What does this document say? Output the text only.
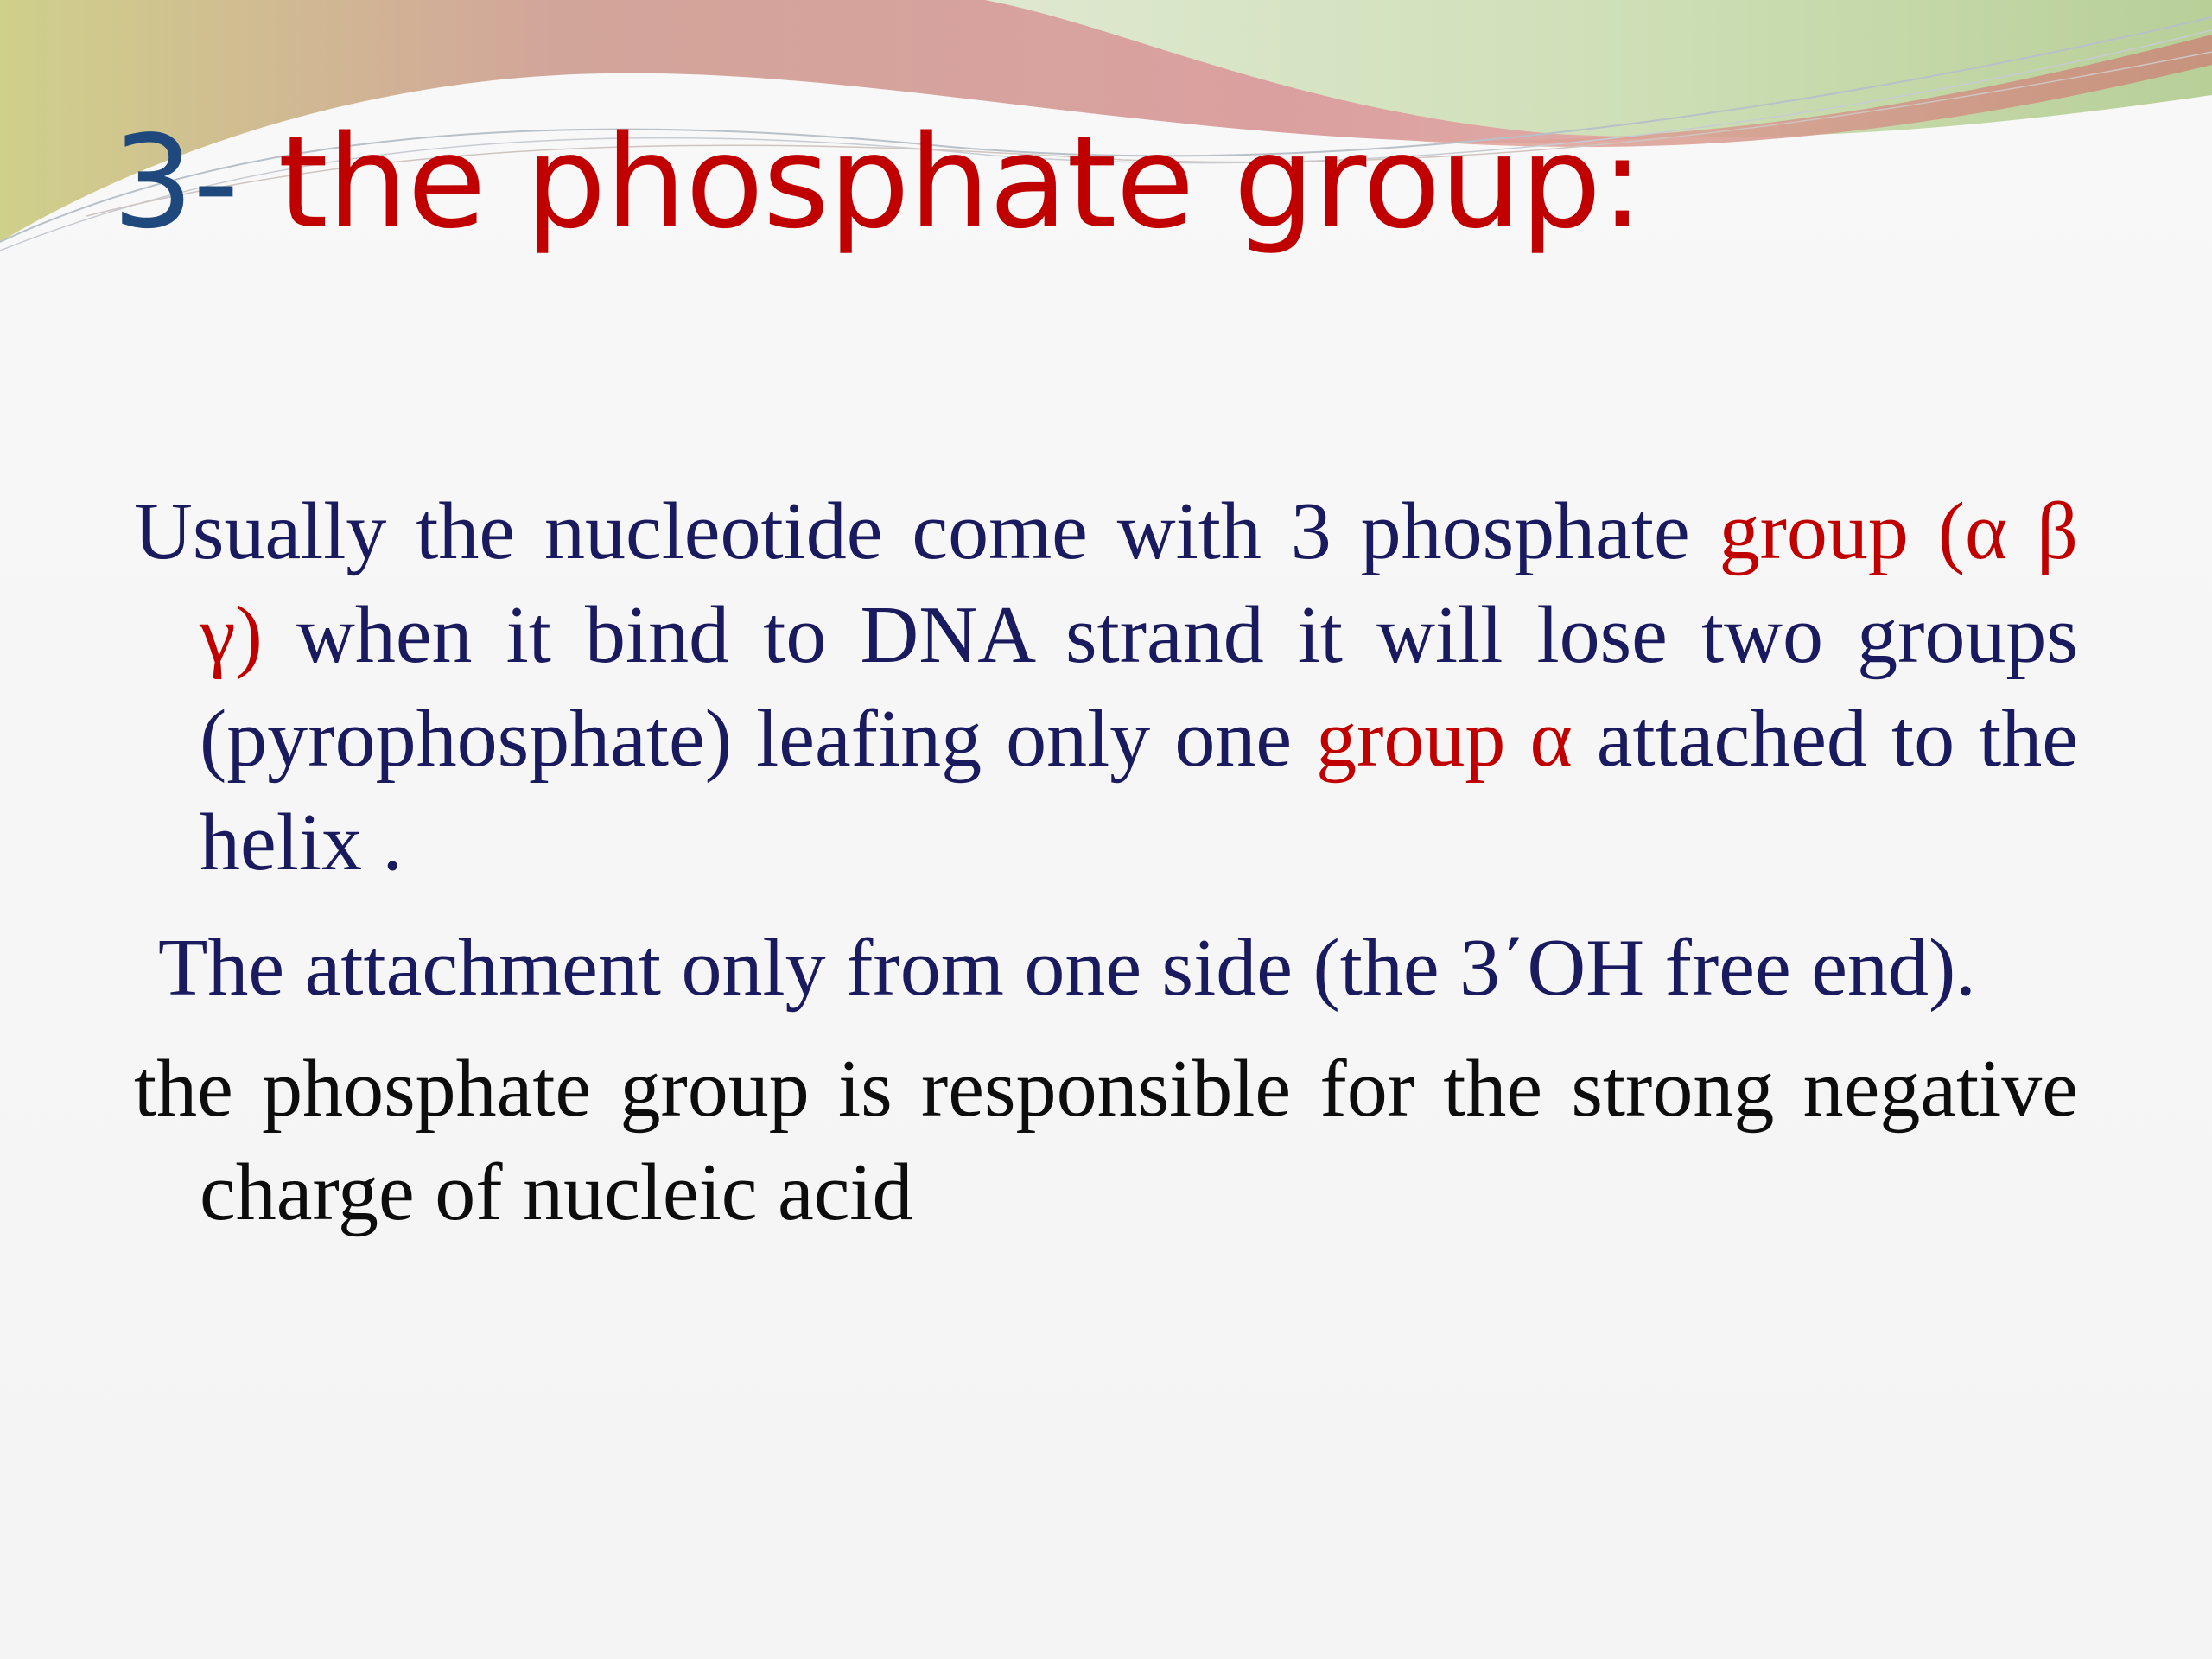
3- the phosphate group:

Usually the nucleotide come with 3 phosphate group (α β γ) when it bind to DNA strand it will lose two groups (pyrophosphate) leafing only one group α attached to the helix .

The attachment only from one side (the 3΄OH free end).

the phosphate group is responsible for the strong negative charge of nucleic acid
